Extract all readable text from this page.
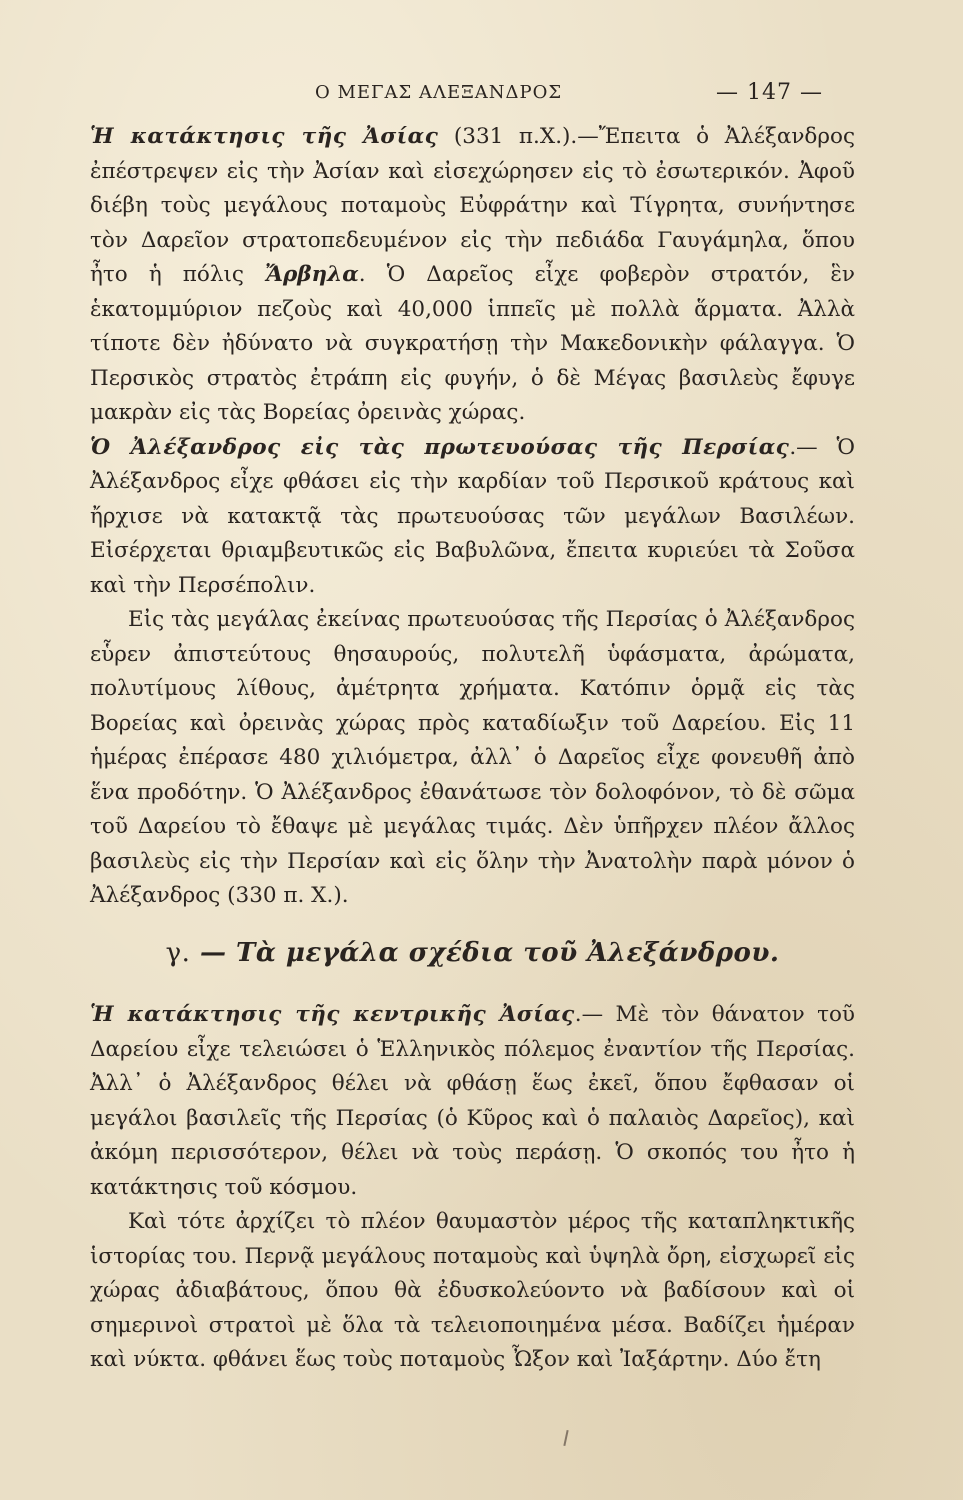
Ο ΜΕΓΑΣ ΑΛΕΞΑΝΔΡΟΣ	— 147 —

Ἡ κατάκτησις τῆς Ἀσίας (331 π.Χ.).—Ἔπειτα ὁ Ἀλέξανδρος ἐπέστρεψεν εἰς τὴν Ἀσίαν καὶ εἰσεχώρησεν εἰς τὸ ἐσωτερικόν. Ἀφοῦ διέβη τοὺς μεγάλους ποταμοὺς Εὐφράτην καὶ Τίγρητα, συνήντησε τὸν Δαρεῖον στρατοπεδευμένον εἰς τὴν πεδιάδα Γαυγάμηλα, ὅπου ἦτο ἡ πόλις Ἄρβηλα. Ὁ Δαρεῖος εἶχε φοβερὸν στρατόν, ἓν ἑκατομμύριον πεζοὺς καὶ 40,000 ἱππεῖς μὲ πολλὰ ἅρματα. Ἀλλὰ τίποτε δὲν ἠδύνατο νὰ συγκρατήσῃ τὴν Μακεδονικὴν φάλαγγα. Ὁ Περσικὸς στρατὸς ἐτράπη εἰς φυγήν, ὁ δὲ Μέγας βασιλεὺς ἔφυγε μακρὰν εἰς τὰς Βορείας ὀρεινὰς χώρας.

Ὁ Ἀλέξανδρος εἰς τὰς πρωτευούσας τῆς Περσίας.— Ὁ Ἀλέξανδρος εἶχε φθάσει εἰς τὴν καρδίαν τοῦ Περσικοῦ κράτους καὶ ἤρχισε νὰ κατακτᾷ τὰς πρωτευούσας τῶν μεγάλων Βασιλέων. Εἰσέρχεται θριαμβευτικῶς εἰς Βαβυλῶνα, ἔπειτα κυριεύει τὰ Σοῦσα καὶ τὴν Περσέπολιν.

Εἰς τὰς μεγάλας ἐκείνας πρωτευούσας τῆς Περσίας ὁ Ἀλέξανδρος εὗρεν ἀπιστεύτους θησαυρούς, πολυτελῆ ὑφάσματα, ἀρώματα, πολυτίμους λίθους, ἀμέτρητα χρήματα. Κατόπιν ὁρμᾷ εἰς τὰς Βορείας καὶ ὀρεινὰς χώρας πρὸς καταδίωξιν τοῦ Δαρείου. Εἰς 11 ἡμέρας ἐπέρασε 480 χιλιόμετρα, ἀλλ᾿ ὁ Δαρεῖος εἶχε φονευθῆ ἀπὸ ἕνα προδότην. Ὁ Ἀλέξανδρος ἐθανάτωσε τὸν δολοφόνον, τὸ δὲ σῶμα τοῦ Δαρείου τὸ ἔθαψε μὲ μεγάλας τιμάς. Δὲν ὑπῆρχεν πλέον ἄλλος βασιλεὺς εἰς τὴν Περσίαν καὶ εἰς ὅλην τὴν Ἀνατολὴν παρὰ μόνον ὁ Ἀλέξανδρος (330 π. Χ.).

γ. — Τὰ μεγάλα σχέδια τοῦ Ἀλεξάνδρου.

Ἡ κατάκτησις τῆς κεντρικῆς Ἀσίας.— Μὲ τὸν θάνατον τοῦ Δαρείου εἶχε τελειώσει ὁ Ἑλληνικὸς πόλεμος ἐναντίον τῆς Περσίας. Ἀλλ᾿ ὁ Ἀλέξανδρος θέλει νὰ φθάσῃ ἕως ἐκεῖ, ὅπου ἔφθασαν οἱ μεγάλοι βασιλεῖς τῆς Περσίας (ὁ Κῦρος καὶ ὁ παλαιὸς Δαρεῖος), καὶ ἀκόμη περισσότερον, θέλει νὰ τοὺς περάσῃ. Ὁ σκοπός του ἦτο ἡ κατάκτησις τοῦ κόσμου.

Καὶ τότε ἀρχίζει τὸ πλέον θαυμαστὸν μέρος τῆς καταπληκτικῆς ἱστορίας του. Περνᾷ μεγάλους ποταμοὺς καὶ ὑψηλὰ ὄρη, εἰσχωρεῖ εἰς χώρας ἀδιαβάτους, ὅπου θὰ ἐδυσκολεύοντο νὰ βαδίσουν καὶ οἱ σημερινοὶ στρατοὶ μὲ ὅλα τὰ τελειοποιημένα μέσα. Βαδίζει ἡμέραν καὶ νύκτα. φθάνει ἕως τοὺς ποταμοὺς Ὦξον καὶ Ἰαξάρτην. Δύο ἔτη
